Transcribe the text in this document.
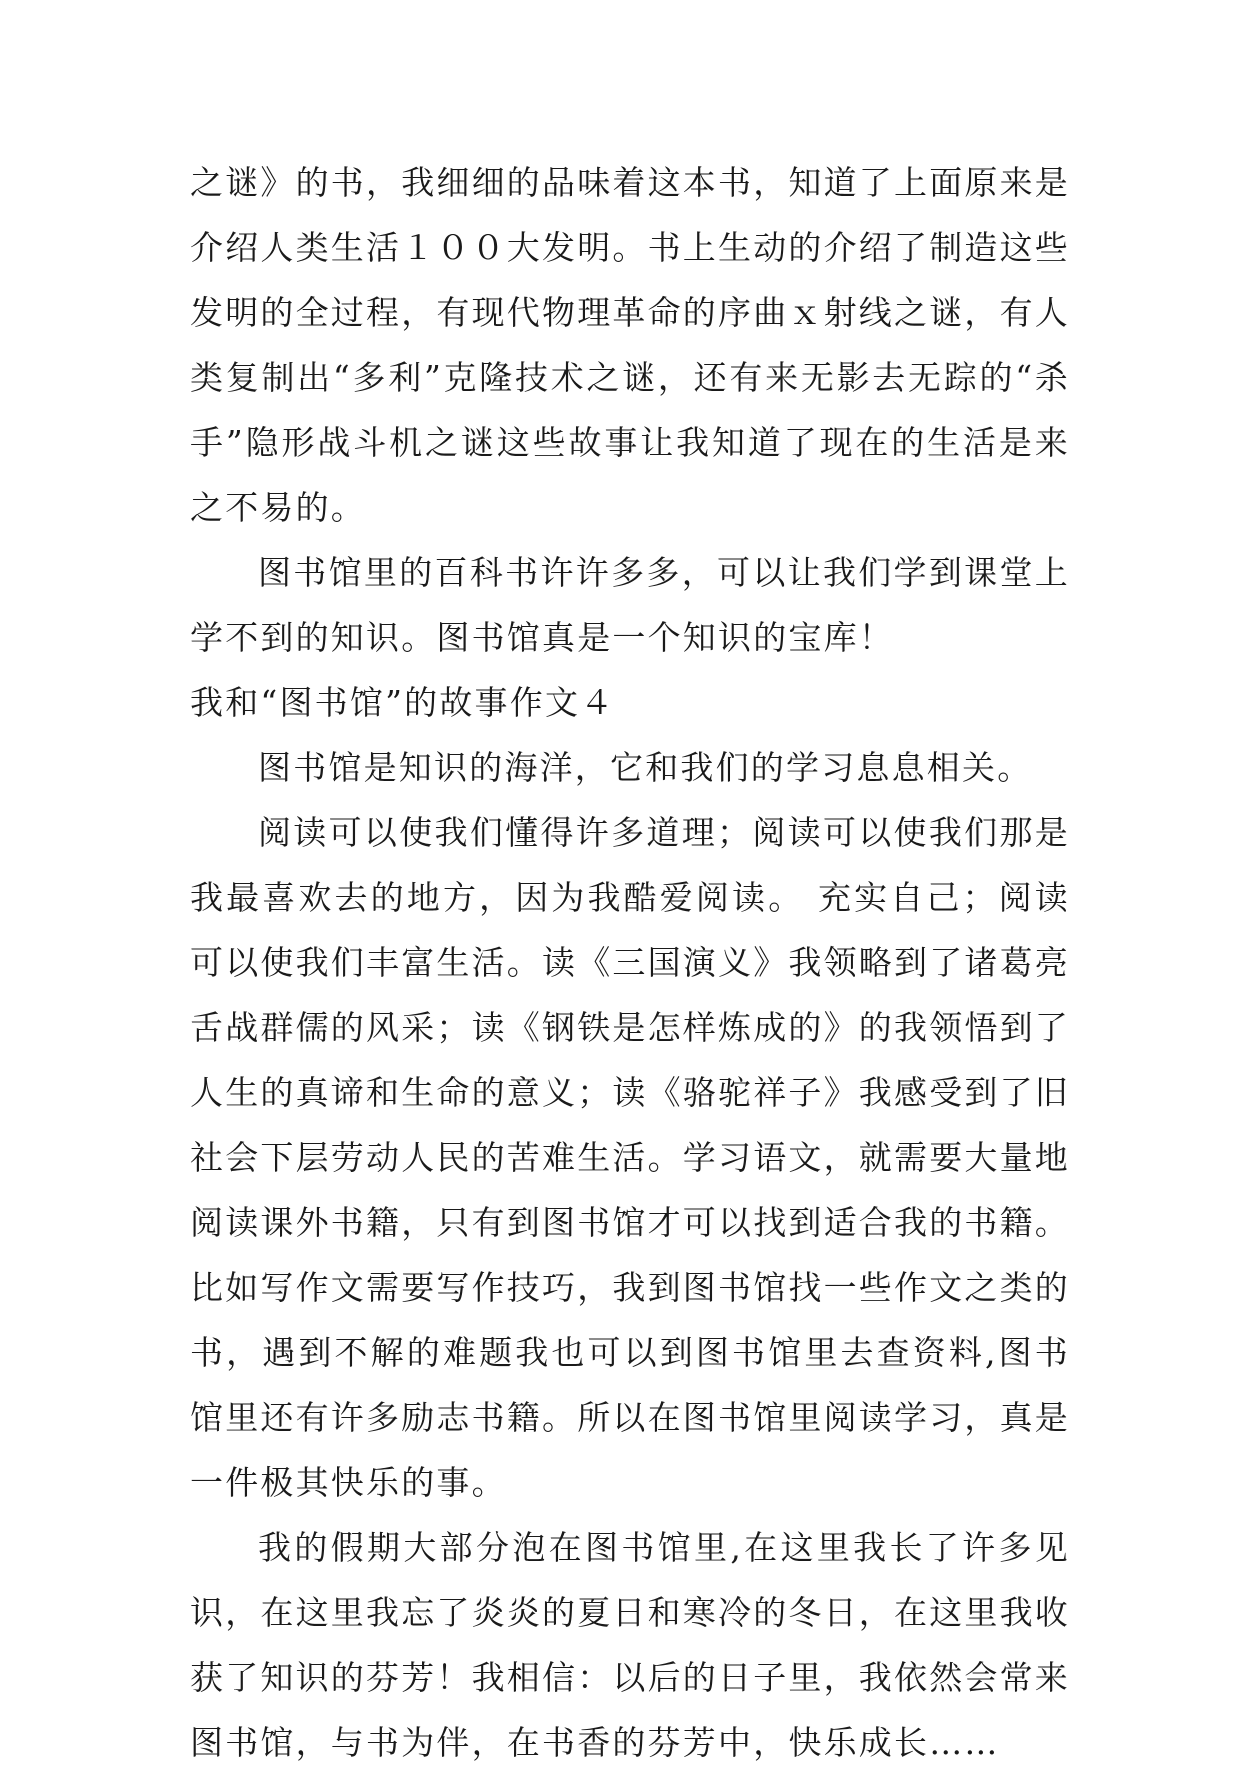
之谜》的书，我细细的品味着这本书，知道了上面原来是介绍人类生活１００大发明。书上生动的介绍了制造这些发明的全过程，有现代物理革命的序曲ｘ射线之谜，有人类复制出“多利”克隆技术之谜，还有来无影去无踪的“杀手”隐形战斗机之谜这些故事让我知道了现在的生活是来之不易的。

图书馆里的百科书许许多多，可以让我们学到课堂上学不到的知识。图书馆真是一个知识的宝库！

我和“图书馆”的故事作文４

图书馆是知识的海洋，它和我们的学习息息相关。

阅读可以使我们懂得许多道理；阅读可以使我们那是我最喜欢去的地方，因为我酷爱阅读。 充实自己；阅读可以使我们丰富生活。读《三国演义》我领略到了诸葛亮舌战群儒的风采；读《钢铁是怎样炼成的》的我领悟到了人生的真谛和生命的意义；读《骆驼祥子》我感受到了旧社会下层劳动人民的苦难生活。学习语文，就需要大量地阅读课外书籍，只有到图书馆才可以找到适合我的书籍。比如写作文需要写作技巧，我到图书馆找一些作文之类的书，遇到不解的难题我也可以到图书馆里去查资料,图书馆里还有许多励志书籍。所以在图书馆里阅读学习，真是一件极其快乐的事。

我的假期大部分泡在图书馆里,在这里我长了许多见识，在这里我忘了炎炎的夏日和寒冷的冬日，在这里我收获了知识的芬芳！我相信：以后的日子里，我依然会常来图书馆，与书为伴，在书香的芬芳中，快乐成长……
